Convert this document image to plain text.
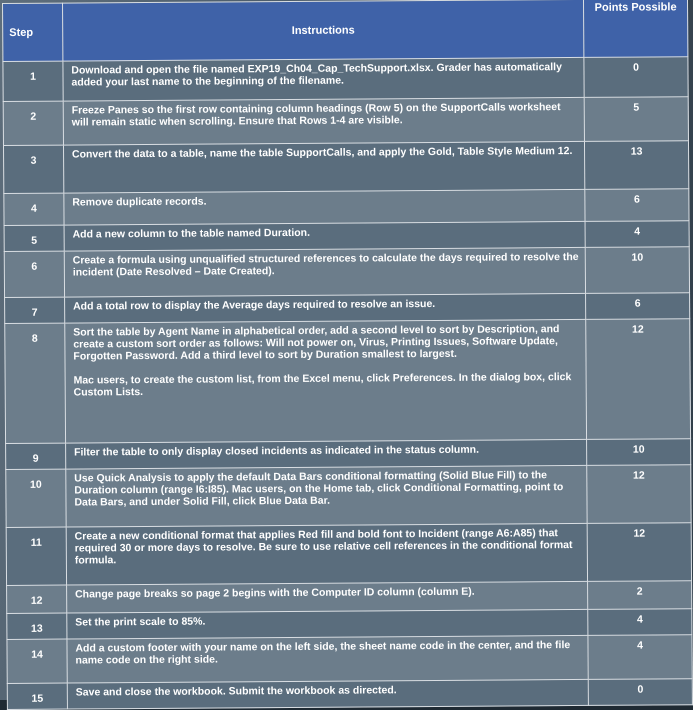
Step	Instructions	Points Possible
1	Download and open the file named EXP19_Ch04_Cap_TechSupport.xlsx. Grader has automatically added your last name to the beginning of the filename.	0
2	Freeze Panes so the first row containing column headings (Row 5) on the SupportCalls worksheet will remain static when scrolling. Ensure that Rows 1-4 are visible.	5
3	Convert the data to a table, name the table SupportCalls, and apply the Gold, Table Style Medium 12.	13
4	Remove duplicate records.	6
5	Add a new column to the table named Duration.	4
6	Create a formula using unqualified structured references to calculate the days required to resolve the incident (Date Resolved – Date Created).	10
7	Add a total row to display the Average days required to resolve an issue.	6
8	Sort the table by Agent Name in alphabetical order, add a second level to sort by Description, and create a custom sort order as follows: Will not power on, Virus, Printing Issues, Software Update, Forgotten Password. Add a third level to sort by Duration smallest to largest.
Mac users, to create the custom list, from the Excel menu, click Preferences. In the dialog box, click Custom Lists.	12
9	Filter the table to only display closed incidents as indicated in the status column.	10
10	Use Quick Analysis to apply the default Data Bars conditional formatting (Solid Blue Fill) to the Duration column (range I6:I85). Mac users, on the Home tab, click Conditional Formatting, point to Data Bars, and under Solid Fill, click Blue Data Bar.	12
11	Create a new conditional format that applies Red fill and bold font to Incident (range A6:A85) that required 30 or more days to resolve. Be sure to use relative cell references in the conditional format formula.	12
12	Change page breaks so page 2 begins with the Computer ID column (column E).	2
13	Set the print scale to 85%.	4
14	Add a custom footer with your name on the left side, the sheet name code in the center, and the file name code on the right side.	4
15	Save and close the workbook. Submit the workbook as directed.	0
